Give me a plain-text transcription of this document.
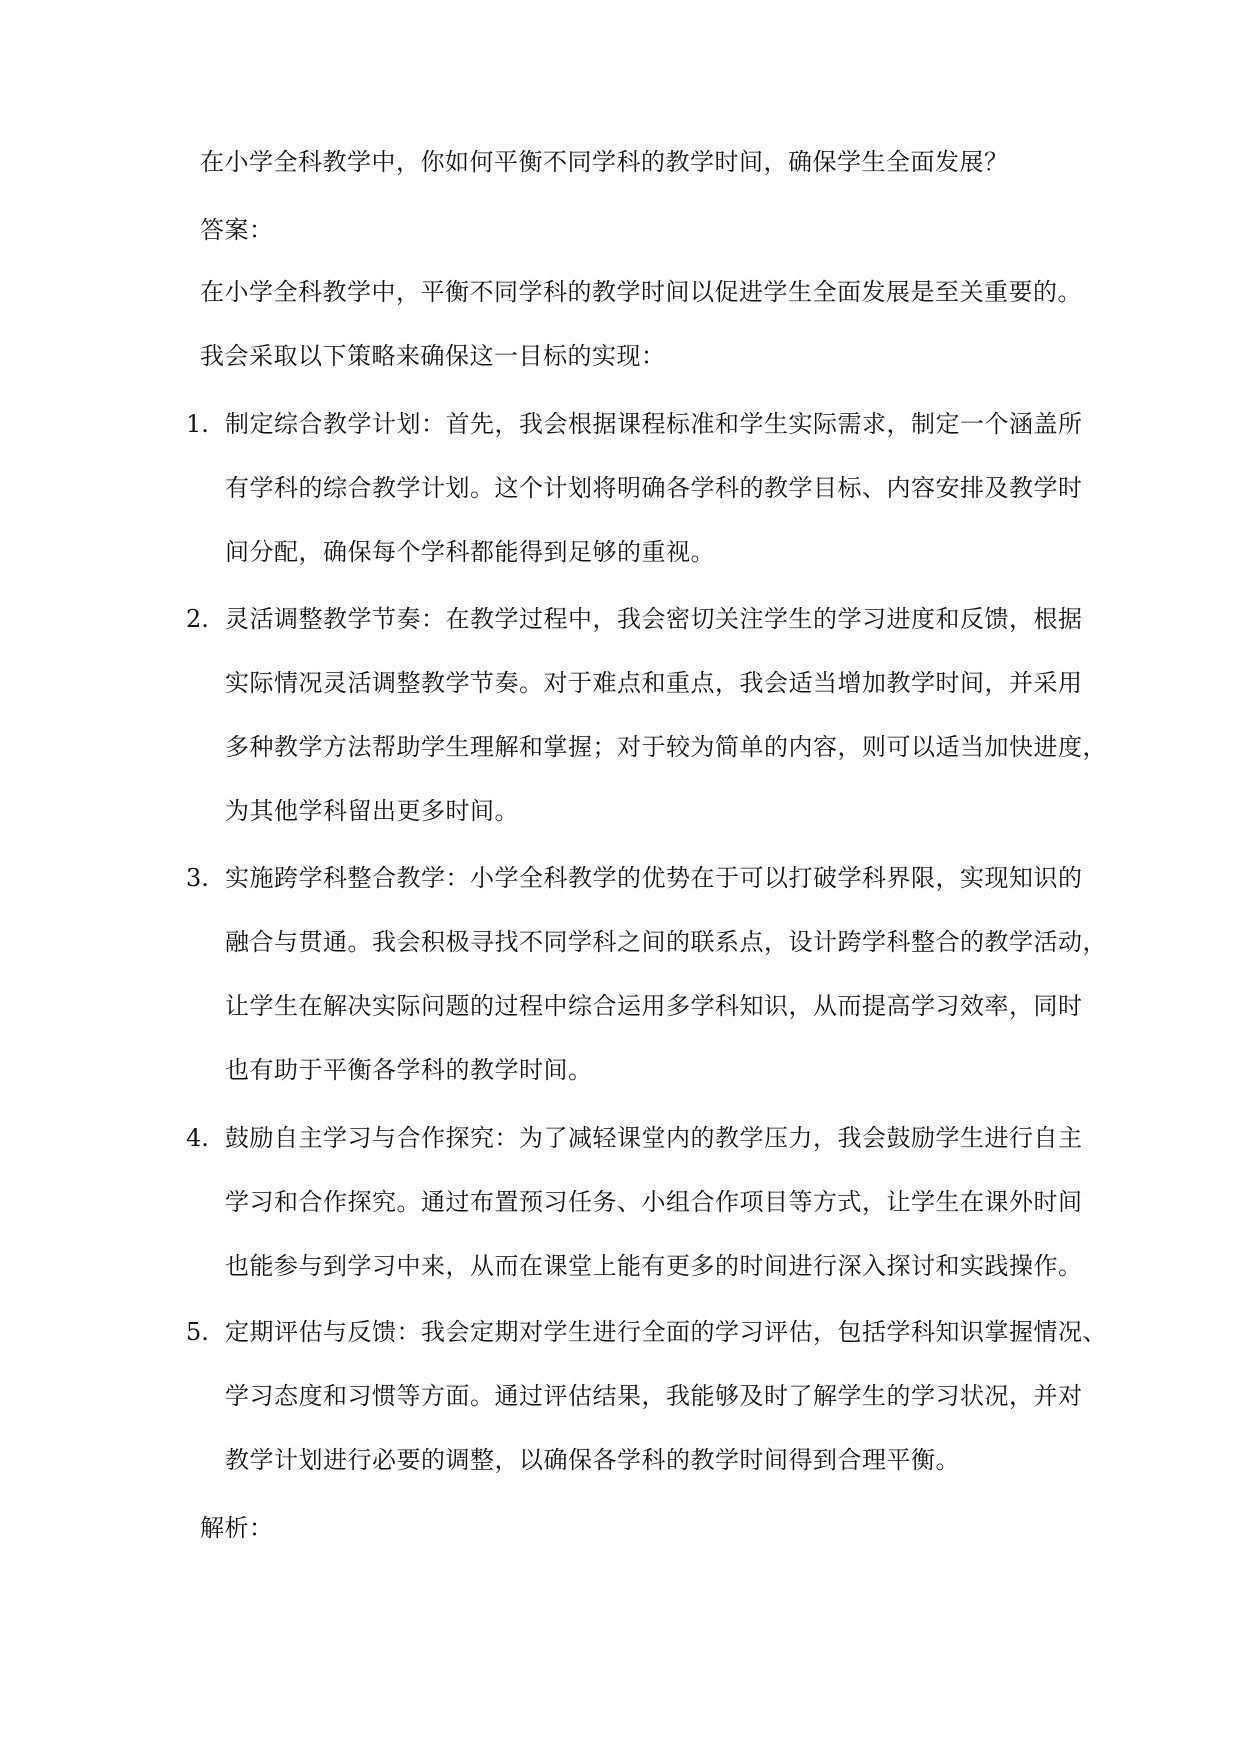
在小学全科教学中，你如何平衡不同学科的教学时间，确保学生全面发展？
答案：
在小学全科教学中，平衡不同学科的教学时间以促进学生全面发展是至关重要的。
我会采取以下策略来确保这一目标的实现：
1. 制定综合教学计划：首先，我会根据课程标准和学生实际需求，制定一个涵盖所
有学科的综合教学计划。这个计划将明确各学科的教学目标、内容安排及教学时
间分配，确保每个学科都能得到足够的重视。
2. 灵活调整教学节奏：在教学过程中，我会密切关注学生的学习进度和反馈，根据
实际情况灵活调整教学节奏。对于难点和重点，我会适当增加教学时间，并采用
多种教学方法帮助学生理解和掌握；对于较为简单的内容，则可以适当加快进度，
为其他学科留出更多时间。
3. 实施跨学科整合教学：小学全科教学的优势在于可以打破学科界限，实现知识的
融合与贯通。我会积极寻找不同学科之间的联系点，设计跨学科整合的教学活动，
让学生在解决实际问题的过程中综合运用多学科知识，从而提高学习效率，同时
也有助于平衡各学科的教学时间。
4. 鼓励自主学习与合作探究：为了减轻课堂内的教学压力，我会鼓励学生进行自主
学习和合作探究。通过布置预习任务、小组合作项目等方式，让学生在课外时间
也能参与到学习中来，从而在课堂上能有更多的时间进行深入探讨和实践操作。
5. 定期评估与反馈：我会定期对学生进行全面的学习评估，包括学科知识掌握情况、
学习态度和习惯等方面。通过评估结果，我能够及时了解学生的学习状况，并对
教学计划进行必要的调整，以确保各学科的教学时间得到合理平衡。
解析：
